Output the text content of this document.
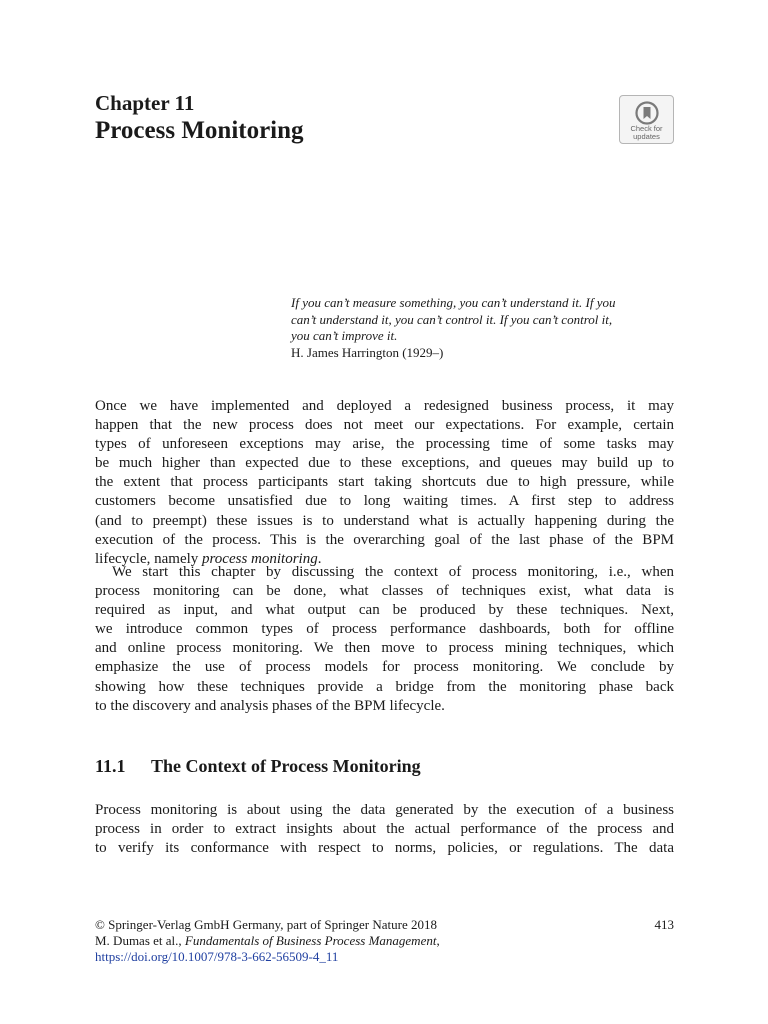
Chapter 11
Process Monitoring	Check for
updates

If you can’t measure something, you can’t understand it. If you
can’t understand it, you can’t control it. If you can’t control it,
you can’t improve it.

H. James Harrington (1929–)

Once we have implemented and deployed a redesigned business process, it may
happen that the new process does not meet our expectations. For example, certain
types of unforeseen exceptions may arise, the processing time of some tasks may
be much higher than expected due to these exceptions, and queues may build up to
the extent that process participants start taking shortcuts due to high pressure, while
customers become unsatisfied due to long waiting times. A first step to address
(and to preempt) these issues is to understand what is actually happening during the
execution of the process. This is the overarching goal of the last phase of the BPM
lifecycle, namely process monitoring.

We start this chapter by discussing the context of process monitoring, i.e., when
process monitoring can be done, what classes of techniques exist, what data is
required as input, and what output can be produced by these techniques. Next,
we introduce common types of process performance dashboards, both for offline
and online process monitoring. We then move to process mining techniques, which
emphasize the use of process models for process monitoring. We conclude by
showing how these techniques provide a bridge from the monitoring phase back
to the discovery and analysis phases of the BPM lifecycle.

11.1 The Context of Process Monitoring

Process monitoring is about using the data generated by the execution of a business
process in order to extract insights about the actual performance of the process and
to verify its conformance with respect to norms, policies, or regulations. The data

© Springer-Verlag GmbH Germany, part of Springer Nature 2018	413
M. Dumas et al., Fundamentals of Business Process Management,
https://doi.org/10.1007/978-3-662-56509-4_11
